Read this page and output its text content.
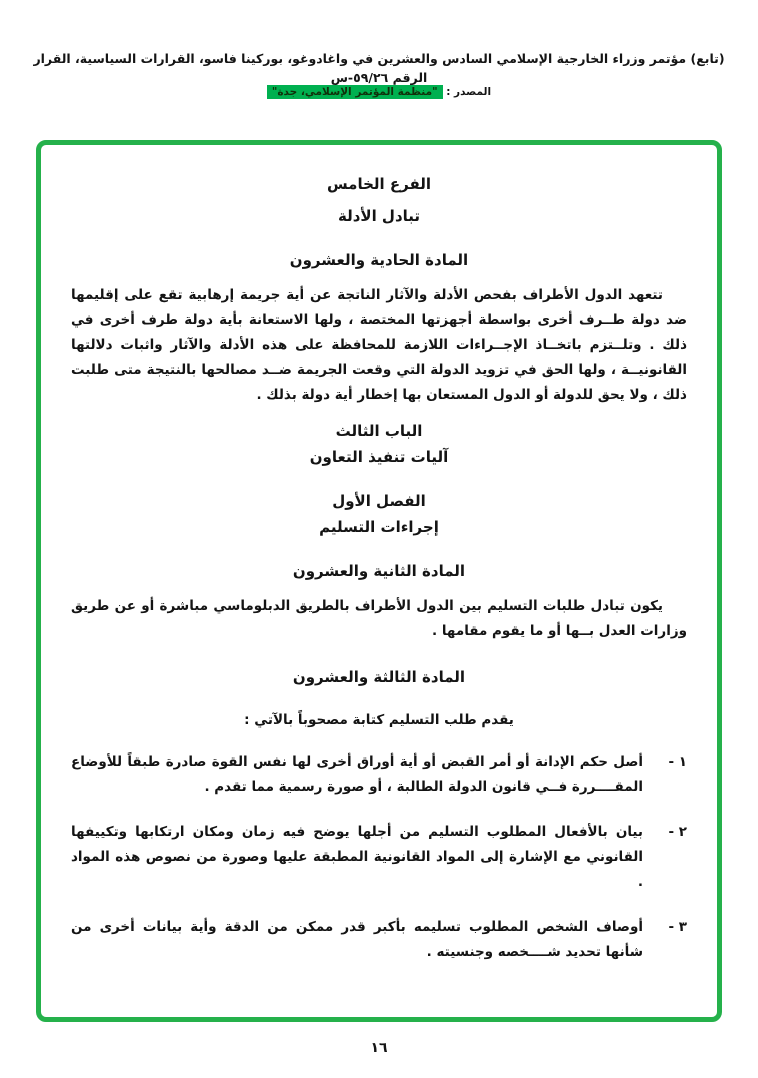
(تابع) مؤتمر وزراء الخارجية الإسلامي السادس والعشرين في واغادوغو، بوركينا فاسو، القرارات السياسية، القرار الرقم ٥٩/٢٦-س
المصدر : "منظمة المؤتمر الإسلامي، جدة"
الفرع الخامس
تبادل الأدلة
المادة الحادية والعشرون

تتعهد الدول الأطراف بفحص الأدلة والآثار الناتجة عن أية جريمة إرهابية تقع على إقليمها ضد دولة طــرف أخرى بواسطة أجهزتها المختصة ، ولها الاستعانة بأية دولة طرف أخرى في ذلك . وتلــتزم باتخــاذ الإجــراءات اللازمة للمحافظة على هذه الأدلة والآثار واثبات دلالتها القانونيــة ، ولها الحق في تزويد الدولة التي وقعت الجريمة ضــد مصالحها بالنتيجة متى طلبت ذلك ، ولا يحق للدولة أو الدول المستعان بها إخطار أية دولة بذلك .

الباب الثالث
آليات تنفيذ التعاون
الفصل الأول
إجراءات التسليم
المادة الثانية والعشرون

يكون تبادل طلبات التسليم بين الدول الأطراف بالطريق الدبلوماسي مباشرة أو عن طريق وزارات العدل بــها أو ما يقوم مقامها .

المادة الثالثة والعشرون
يقدم طلب التسليم كتابة مصحوباً بالآتي :
١ -
أصل حكم الإدانة أو أمر القبض أو أية أوراق أخرى لها نفس القوة صادرة طبقاً للأوضاع المقــــررة فــي قانون الدولة الطالبة ، أو صورة رسمية مما تقدم .
٢ -
بيان بالأفعال المطلوب التسليم من أجلها يوضح فيه زمان ومكان ارتكابها وتكييفها القانوني مع الإشارة إلى المواد القانونية المطبقة عليها وصورة من نصوص هذه المواد .
٣ -
أوصاف الشخص المطلوب تسليمه بأكبر قدر ممكن من الدقة وأية بيانات أخرى من شأنها تحديد شــــخصه وجنسيته .
١٦
